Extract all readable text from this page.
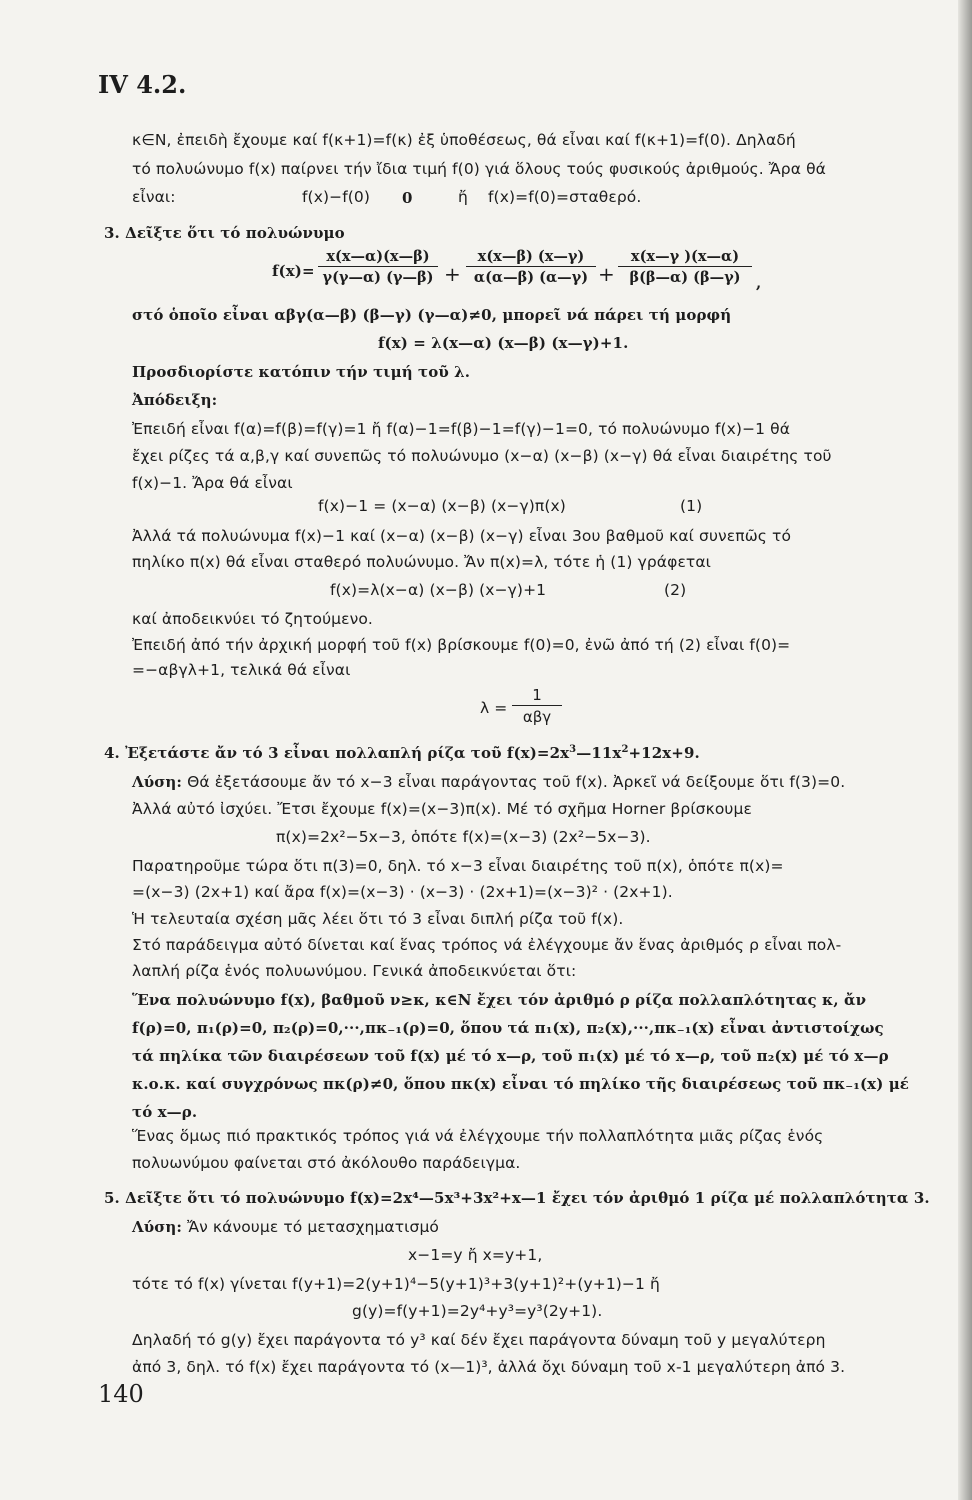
IV 4.2.
κ∈N, ἐπειδὴ ἔχουμε καί f(κ+1)=f(κ) ἐξ ὑποθέσεως, θά εἶναι καί f(κ+1)=f(0). Δηλαδή
τό πολυώνυμο f(x) παίρνει τήν ἴδια τιμή f(0) γιά ὅλους τούς φυσικούς ἀριθμούς. Ἄρα θά
εἶναι:	f(x)−f(0) 0	ἤ f(x)=f(0)=σταθερό.
3. Δεῖξτε ὅτι τό πολυώνυμο
$f(x)= \frac{x(x—\alpha)(x—\beta)}{\gamma(\gamma—\alpha) (\gamma—\beta)} + \frac{x(x—\beta) (x—\gamma)}{\alpha(\alpha—\beta) (\alpha—\gamma)} + \frac{x(x—\gamma )(x—\alpha)}{\beta(\beta—\alpha) (\beta—\gamma)}$ ,
στό ὁποῖο εἶναι αβγ(α—β) (β—γ) (γ—α)≠0, μπορεῖ νά πάρει τή μορφή
f(x) = λ(x—α) (x—β) (x—γ)+1.
Προσδιορίστε κατόπιν τήν τιμή τοῦ λ.
Ἀπόδειξη:
Ἐπειδή εἶναι f(α)=f(β)=f(γ)=1 ἤ f(α)−1=f(β)−1=f(γ)−1=0, τό πολυώνυμο f(x)−1 θά
ἔχει ρίζες τά α,β,γ καί συνεπῶς τό πολυώνυμο (x−α) (x−β) (x−γ) θά εἶναι διαιρέτης τοῦ
f(x)−1. Ἄρα θά εἶναι
f(x)−1 = (x−α) (x−β) (x−γ)π(x)	(1)
Ἀλλά τά πολυώνυμα f(x)−1 καί (x−α) (x−β) (x−γ) εἶναι 3ου βαθμοῦ καί συνεπῶς τό
πηλίκο π(x) θά εἶναι σταθερό πολυώνυμο. Ἄν π(x)=λ, τότε ἡ (1) γράφεται
f(x)=λ(x−α) (x−β) (x−γ)+1	(2)
καί ἀποδεικνύει τό ζητούμενο.
Ἐπειδή ἀπό τήν ἀρχική μορφή τοῦ f(x) βρίσκουμε f(0)=0, ἐνῶ ἀπό τή (2) εἶναι f(0)=
=−αβγλ+1, τελικά θά εἶναι
λ =
1
αβγ
4. Ἐξετάστε ἄν τό 3 εἶναι πολλαπλή ρίζα τοῦ $f(x)=2x^3—11x^2+12x+9$.
Λύση: Θά ἐξετάσουμε ἄν τό x−3 εἶναι παράγοντας τοῦ f(x). Ἀρκεῖ νά δείξουμε ὅτι f(3)=0.
Ἀλλά αὐτό ἰσχύει. Ἔτσι ἔχουμε f(x)=(x−3)π(x). Μέ τό σχῆμα Horner βρίσκουμε
π(x)=2x²−5x−3, ὁπότε f(x)=(x−3) (2x²−5x−3).
Παρατηροῦμε τώρα ὅτι π(3)=0, δηλ. τό x−3 εἶναι διαιρέτης τοῦ π(x), ὁπότε π(x)=
=(x−3) (2x+1) καί ἄρα f(x)=(x−3) · (x−3) · (2x+1)=(x−3)² · (2x+1).
Ἡ τελευταία σχέση μᾶς λέει ὅτι τό 3 εἶναι διπλή ρίζα τοῦ f(x).
Στό παράδειγμα αὐτό δίνεται καί ἕνας τρόπος νά ἐλέγχουμε ἄν ἕνας ἀριθμός ρ εἶναι πολ-
λαπλή ρίζα ἑνός πολυωνύμου. Γενικά ἀποδεικνύεται ὅτι:
Ἕνα πολυώνυμο f(x), βαθμοῦ ν≥κ, κ∈N ἔχει τόν ἀριθμό ρ ρίζα πολλαπλότητας κ, ἄν
f(ρ)=0, π₁(ρ)=0, π₂(ρ)=0,···,πκ₋₁(ρ)=0, ὅπου τά π₁(x), π₂(x),···,πκ₋₁(x) εἶναι ἀντιστοίχως
τά πηλίκα τῶν διαιρέσεων τοῦ f(x) μέ τό x—ρ, τοῦ π₁(x) μέ τό x—ρ, τοῦ π₂(x) μέ τό x—ρ
κ.ο.κ. καί συγχρόνως πκ(ρ)≠0, ὅπου πκ(x) εἶναι τό πηλίκο τῆς διαιρέσεως τοῦ πκ₋₁(x) μέ
τό x—ρ.
Ἕνας ὅμως πιό πρακτικός τρόπος γιά νά ἐλέγχουμε τήν πολλαπλότητα μιᾶς ρίζας ἑνός
πολυωνύμου φαίνεται στό ἀκόλουθο παράδειγμα.
5. Δεῖξτε ὅτι τό πολυώνυμο f(x)=2x⁴—5x³+3x²+x—1 ἔχει τόν ἀριθμό 1 ρίζα μέ πολλαπλότητα 3.
Λύση: Ἄν κάνουμε τό μετασχηματισμό
x−1=y ἤ x=y+1,
τότε τό f(x) γίνεται f(y+1)=2(y+1)⁴−5(y+1)³+3(y+1)²+(y+1)−1 ἤ
g(y)=f(y+1)=2y⁴+y³=y³(2y+1).
Δηλαδή τό g(y) ἔχει παράγοντα τό y³ καί δέν ἔχει παράγοντα δύναμη τοῦ y μεγαλύτερη
ἀπό 3, δηλ. τό f(x) ἔχει παράγοντα τό (x—1)³, ἀλλά ὄχι δύναμη τοῦ x-1 μεγαλύτερη ἀπό 3.
140
